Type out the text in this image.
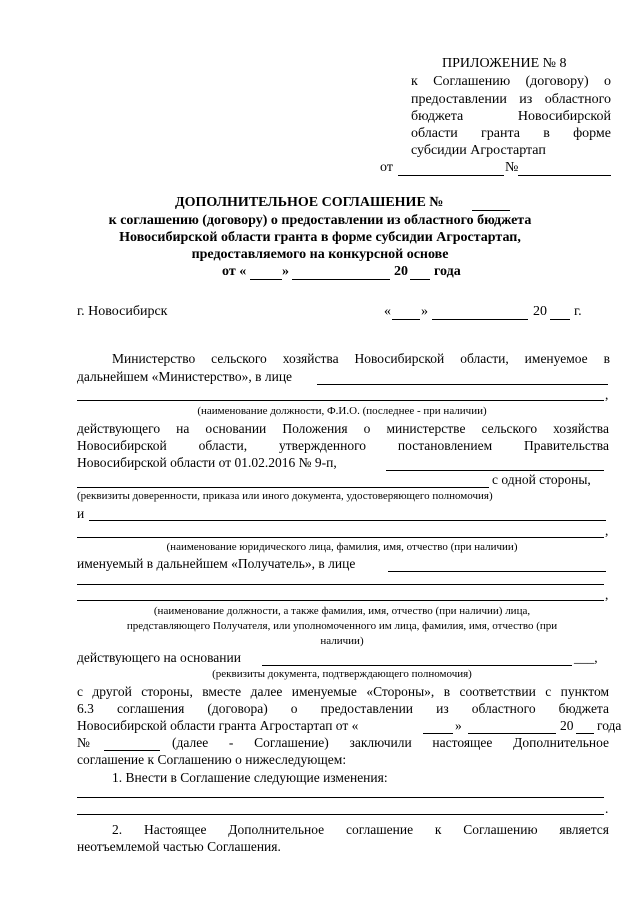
ПРИЛОЖЕНИЕ № 8
к Соглашению (договору) о
предоставлении из областного
бюджета Новосибирской
области гранта в форме
субсидии Агростартап
от	№
ДОПОЛНИТЕЛЬНОЕ СОГЛАШЕНИЕ №
к соглашению (договору) о предоставлении из областного бюджета
Новосибирской области гранта в форме субсидии Агростартап,
предоставляемого на конкурсной основе
от «	»	20 года
г. Новосибирск	« »	20 г.
Министерство сельского хозяйства Новосибирской области, именуемое в
дальнейшем «Министерство», в лице
,
(наименование должности, Ф.И.О. (последнее - при наличии)
действующего на основании Положения о министерстве сельского хозяйства
Новосибирской области, утвержденного постановлением Правительства
Новосибирской области от 01.02.2016 № 9-п,
с одной стороны,
(реквизиты доверенности, приказа или иного документа, удостоверяющего полномочия)
и
,
(наименование юридического лица, фамилия, имя, отчество (при наличии)
именуемый в дальнейшем «Получатель», в лице
,
(наименование должности, а также фамилия, имя, отчество (при наличии) лица,
представляющего Получателя, или уполномоченного им лица, фамилия, имя, отчество (при
наличии)
действующего на основании	___,
(реквизиты документа, подтверждающего полномочия)
с другой стороны, вместе далее именуемые «Стороны», в соответствии с пунктом
6.3 соглашения (договора) о предоставлении из областного бюджета
Новосибирской области гранта Агростартап от «	»	20 года
№	(далее - Соглашение) заключили настоящее Дополнительное
соглашение к Соглашению о нижеследующем:
1. Внести в Соглашение следующие изменения:
.
2. Настоящее Дополнительное соглашение к Соглашению является
неотъемлемой частью Соглашения.
